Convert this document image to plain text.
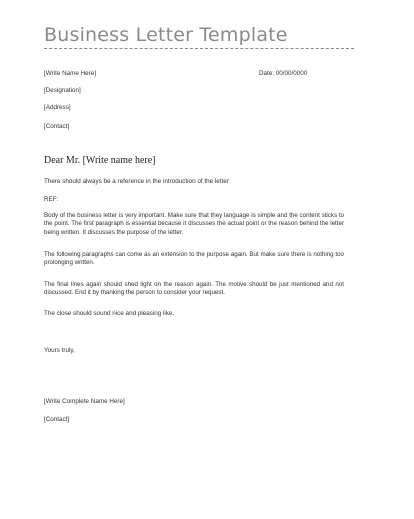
Business Letter Template
[Write Name Here]	Date: 00/00/0000
[Designation]
[Address]
[Contact]
Dear Mr. [Write name here]
There should always be a reference in the introduction of the letter
REF:
Body of the business letter is very important. Make sure that they language is simple and the content sticks to the point. The first paragraph is essential because it discusses the actual point or the reason behind the letter being written. It discusses the purpose of the letter.
The following paragraphs can come as an extension to the purpose again. But make sure there is nothing too prolonging written.
The final lines again should shed light on the reason again. The motive should be just mentioned and not discussed. End it by thanking the person to consider your request.
The close should sound nice and pleasing like.
Yours truly,
[Write Complete Name Here]
[Contact]
